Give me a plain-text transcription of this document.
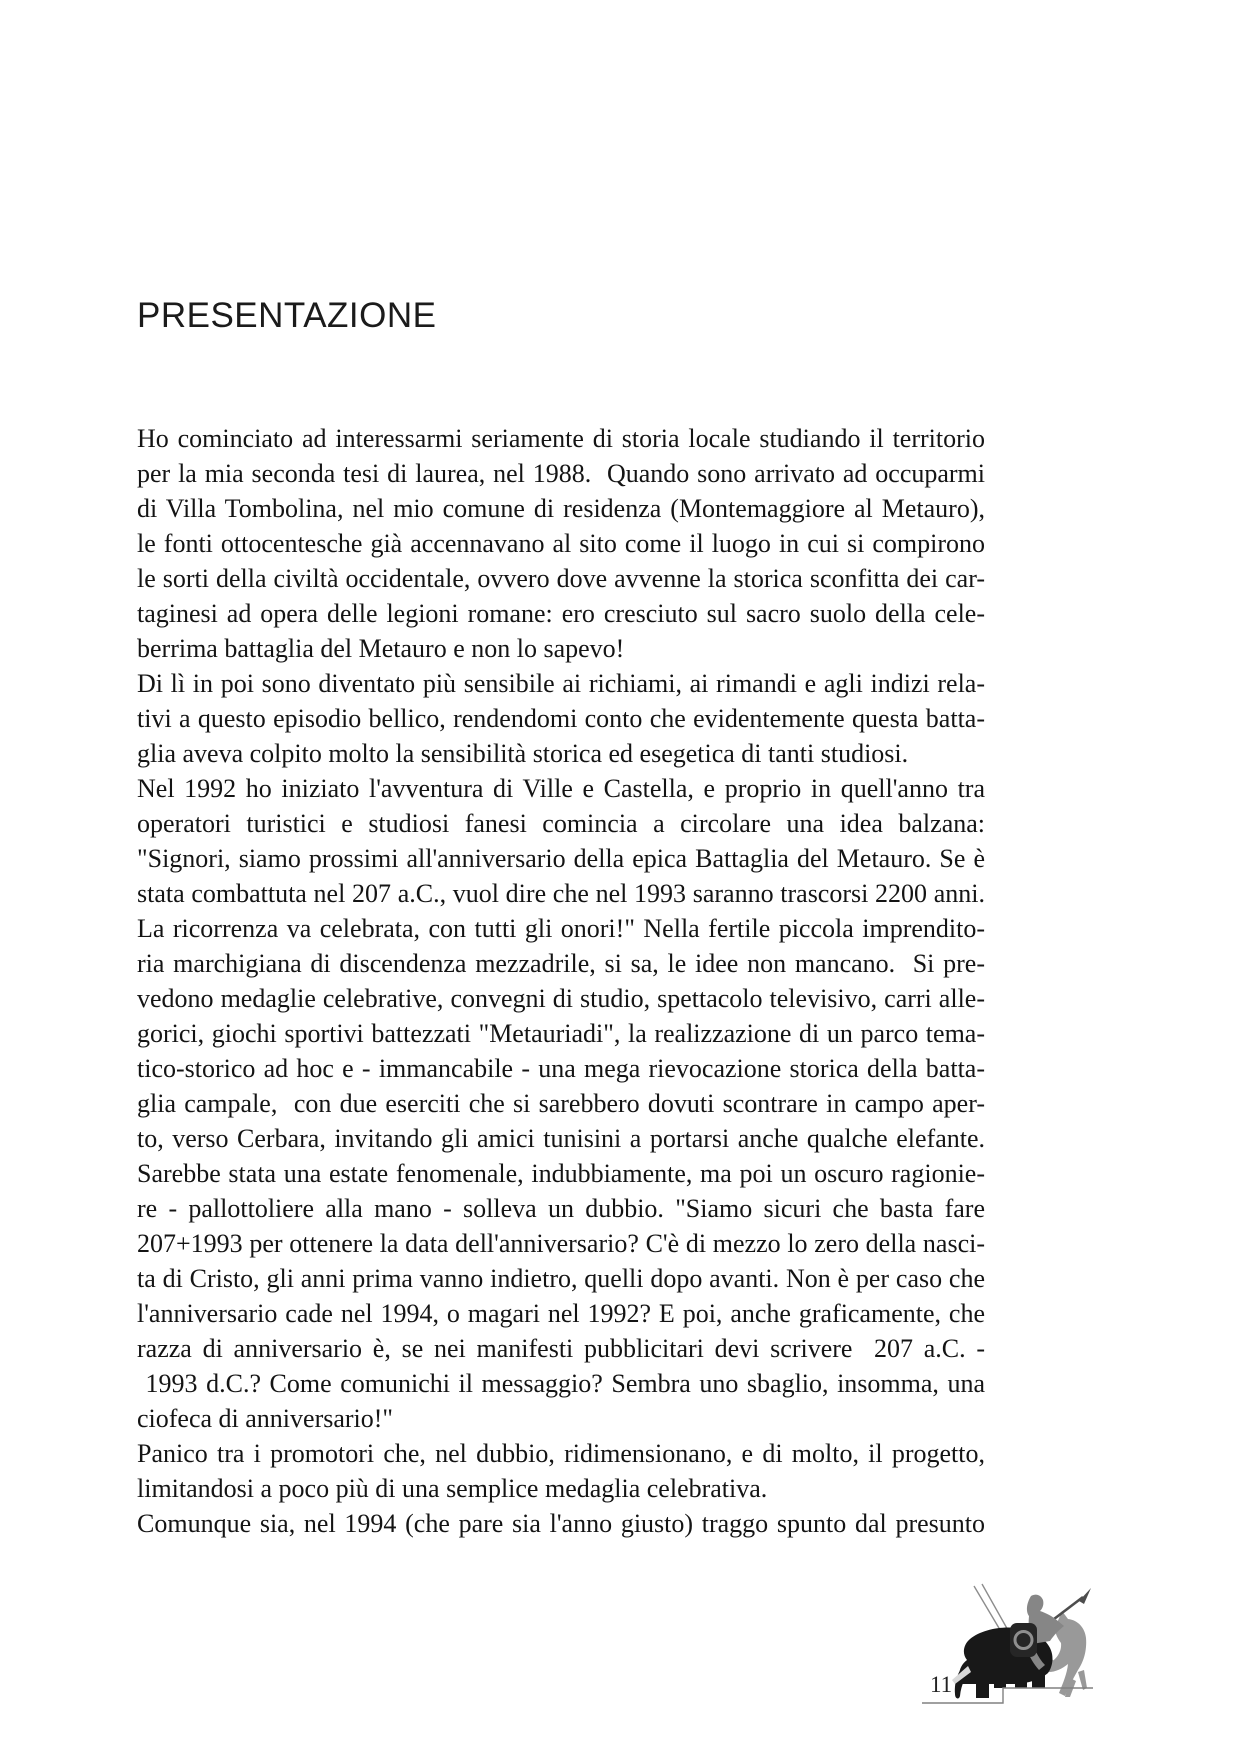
PRESENTAZIONE
Ho cominciato ad interessarmi seriamente di storia locale studiando il territorio
per la mia seconda tesi di laurea, nel 1988.  Quando sono arrivato ad occuparmi
di Villa Tombolina, nel mio comune di residenza (Montemaggiore al Metauro),
le fonti ottocentesche già accennavano al sito come il luogo in cui si compirono
le sorti della civiltà occidentale, ovvero dove avvenne la storica sconfitta dei car-
taginesi ad opera delle legioni romane: ero cresciuto sul sacro suolo della cele-
berrima battaglia del Metauro e non lo sapevo!
Di lì in poi sono diventato più sensibile ai richiami, ai rimandi e agli indizi rela-
tivi a questo episodio bellico, rendendomi conto che evidentemente questa batta-
glia aveva colpito molto la sensibilità storica ed esegetica di tanti studiosi.
Nel 1992 ho iniziato l'avventura di Ville e Castella, e proprio in quell'anno tra
operatori turistici e studiosi fanesi comincia a circolare una idea balzana:
"Signori, siamo prossimi all'anniversario della epica Battaglia del Metauro. Se è
stata combattuta nel 207 a.C., vuol dire che nel 1993 saranno trascorsi 2200 anni.
La ricorrenza va celebrata, con tutti gli onori!" Nella fertile piccola imprendito-
ria marchigiana di discendenza mezzadrile, si sa, le idee non mancano.  Si pre-
vedono medaglie celebrative, convegni di studio, spettacolo televisivo, carri alle-
gorici, giochi sportivi battezzati "Metauriadi", la realizzazione di un parco tema-
tico-storico ad hoc e - immancabile - una mega rievocazione storica della batta-
glia campale,  con due eserciti che si sarebbero dovuti scontrare in campo aper-
to, verso Cerbara, invitando gli amici tunisini a portarsi anche qualche elefante.
Sarebbe stata una estate fenomenale, indubbiamente, ma poi un oscuro ragionie-
re - pallottoliere alla mano - solleva un dubbio. "Siamo sicuri che basta fare
207+1993 per ottenere la data dell'anniversario? C'è di mezzo lo zero della nasci-
ta di Cristo, gli anni prima vanno indietro, quelli dopo avanti. Non è per caso che
l'anniversario cade nel 1994, o magari nel 1992? E poi, anche graficamente, che
razza di anniversario è, se nei manifesti pubblicitari devi scrivere  207 a.C. -
1993 d.C.? Come comunichi il messaggio? Sembra uno sbaglio, insomma, una
ciofeca di anniversario!"
Panico tra i promotori che, nel dubbio, ridimensionano, e di molto, il progetto,
limitandosi a poco più di una semplice medaglia celebrativa.
Comunque sia, nel 1994 (che pare sia l'anno giusto) traggo spunto dal presunto
11
